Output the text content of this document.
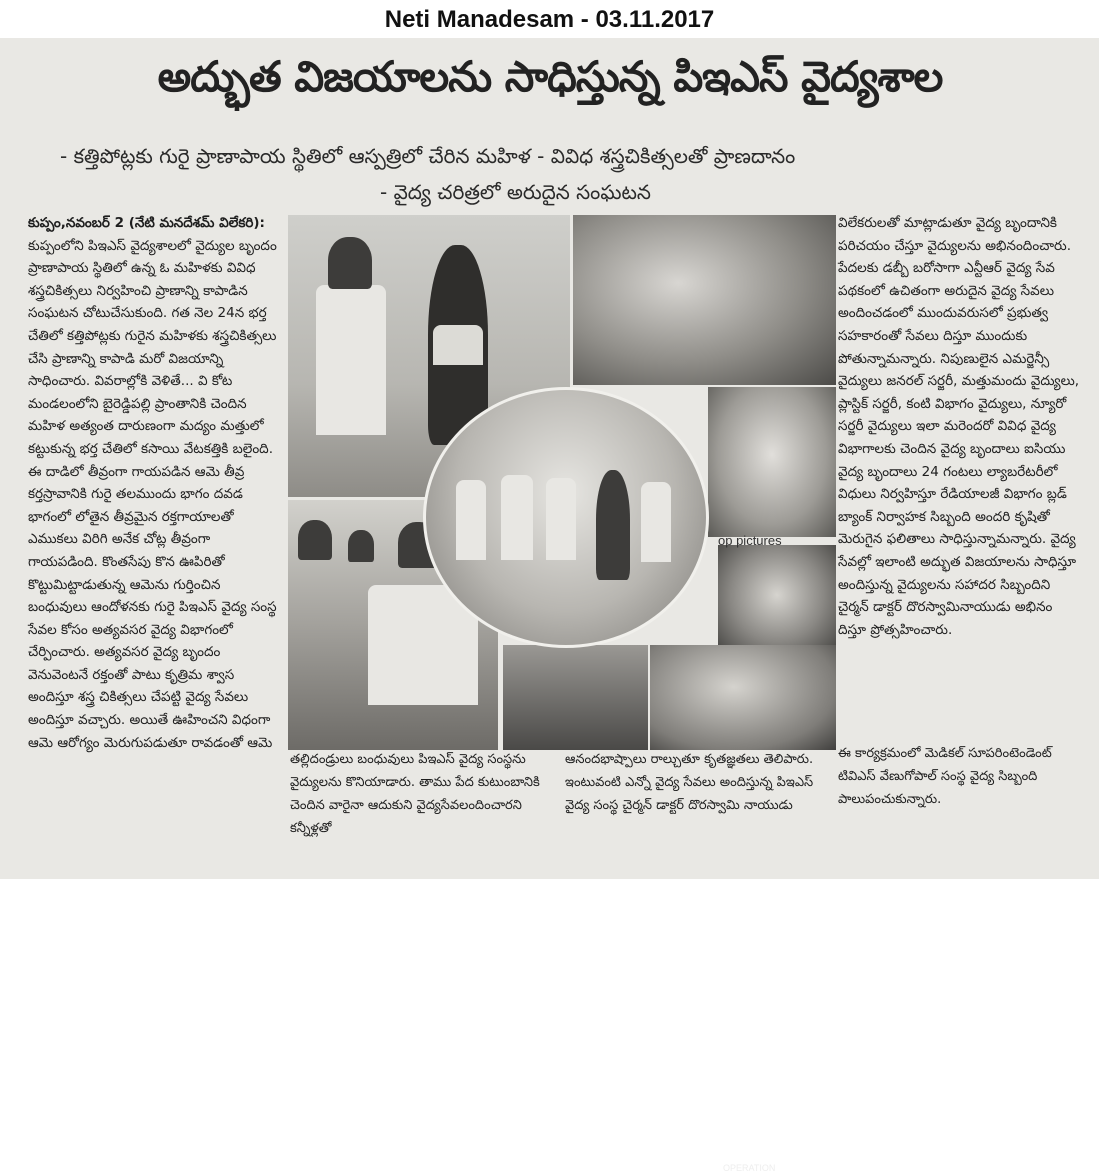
Neti Manadesam - 03.11.2017
అద్భుత విజయాలను సాధిస్తున్న పిఇఎస్ వైద్యశాల
- కత్తిపోట్లకు గురై ప్రాణాపాయ స్థితిలో ఆస్పత్రిలో చేరిన మహిళ - వివిధ శస్త్రచికిత్సలతో ప్రాణదానం
- వైద్య చరిత్రలో అరుదైన సంఘటన

కుప్పం,నవంబర్ 2 (నేటి మనదేశమ్ విలేకరి): కుప్పంలోని పిఇఎస్ వైద్యశాలలో వైద్యుల బృందం ప్రాణాపాయ స్థితిలో ఉన్న ఓ మహిళకు వివిధ శస్త్రచికిత్సలు నిర్వహించి ప్రాణాన్ని కాపాడిన సంఘటన చోటుచేసుకుంది. గత నెల 24న భర్త చేతిలో కత్తిపోట్లకు గురైన మహిళకు శస్త్రచికిత్సలు చేసి ప్రాణాన్ని కాపాడి మరో విజయాన్ని సాధించారు. వివరాల్లోకి వెళితే... వి కోట మండలంలోని బైరెడ్డిపల్లి ప్రాంతానికి చెందిన మహిళ అత్యంత దారుణంగా మద్యం మత్తులో కట్టుకున్న భర్త చేతిలో కసాయి వేటకత్తికి బలైంది. ఈ దాడిలో తీవ్రంగా గాయపడిన ఆమె తీవ్ర కర్తస్రావానికి గురై తలముందు భాగం దవడ భాగంలో లోతైన తీవ్రమైన రక్తగాయాలతో ఎముకలు విరిగి అనేక చోట్ల తీవ్రంగా గాయపడింది. కొంతసేపు కొన ఊపిరితో కొట్టుమిట్టాడుతున్న ఆమెను గుర్తించిన బంధువులు ఆందోళనకు గురై పిఇఎస్ వైద్య సంస్థ సేవల కోసం అత్యవసర వైద్య విభాగంలో చేర్పించారు. అత్యవసర వైద్య బృందం వెనువెంటనే రక్తంతో పాటు కృత్రిమ శ్వాస అందిస్తూ శస్త్ర చికిత్సలు చేపట్టి వైద్య సేవలు అందిస్తూ వచ్చారు. అయితే ఊహించని విధంగా ఆమె ఆరోగ్యం మెరుగుపడుతూ రావడంతో ఆమె

OPERATION
op pictures
తల్లిదండ్రులు బంధువులు పిఇఎస్ వైద్య సంస్థను వైద్యులను కొనియాడారు. తాము పేద కుటుంబానికి చెందిన వారైనా ఆదుకుని వైద్యసేవలందించారని కన్నీళ్లతో
ఆనందభాష్పాలు రాల్చుతూ కృతజ్ఞతలు తెలిపారు. ఇంటువంటి ఎన్నో వైద్య సేవలు అందిస్తున్న పిఇఎస్ వైద్య సంస్థ చైర్మన్ డాక్టర్ దొరస్వామి నాయుడు

విలేకరులతో మాట్లాడుతూ వైద్య బృందానికి పరిచయం చేస్తూ వైద్యులను అభినందించారు. పేదలకు డబ్బీ బరోసాగా ఎన్టీఆర్ వైద్య సేవ పథకంలో ఉచితంగా అరుదైన వైద్య సేవలు అందించడంలో ముందువరుసలో ప్రభుత్వ సహకారంతో సేవలు దిస్తూ ముందుకు పోతున్నామన్నారు. నిపుణులైన ఎమర్జెన్సీ వైద్యులు జనరల్ సర్జరీ, మత్తుమందు వైద్యులు, ప్లాస్టిక్ సర్జరీ, కంటి విభాగం వైద్యులు, న్యూరో సర్జరీ వైద్యులు ఇలా మరెందరో వివిధ వైద్య విభాగాలకు చెందిన వైద్య బృందాలు ఐసియు వైద్య బృందాలు 24 గంటలు ల్యాబరేటరీలో విధులు నిర్వహిస్తూ రేడియాలజీ విభాగం బ్లడ్ బ్యాంక్ నిర్వాహక సిబ్బంది అందరి కృషితో మెరుగైన ఫలితాలు సాధిస్తున్నామన్నారు. వైద్య సేవల్లో ఇలాంటి అద్భుత విజయాలను సాధిస్తూ అందిస్తున్న వైద్యులను సహాదర సిబ్బందిని చైర్మన్ డాక్టర్ దొరస్వామినాయుడు అభినం దిస్తూ ప్రోత్సహించారు.

ఈ కార్యక్రమంలో మెడికల్ సూపరింటెండెంట్ టివిఎస్ వేణుగోపాల్ సంస్థ వైద్య సిబ్బంది పాలుపంచుకున్నారు.
